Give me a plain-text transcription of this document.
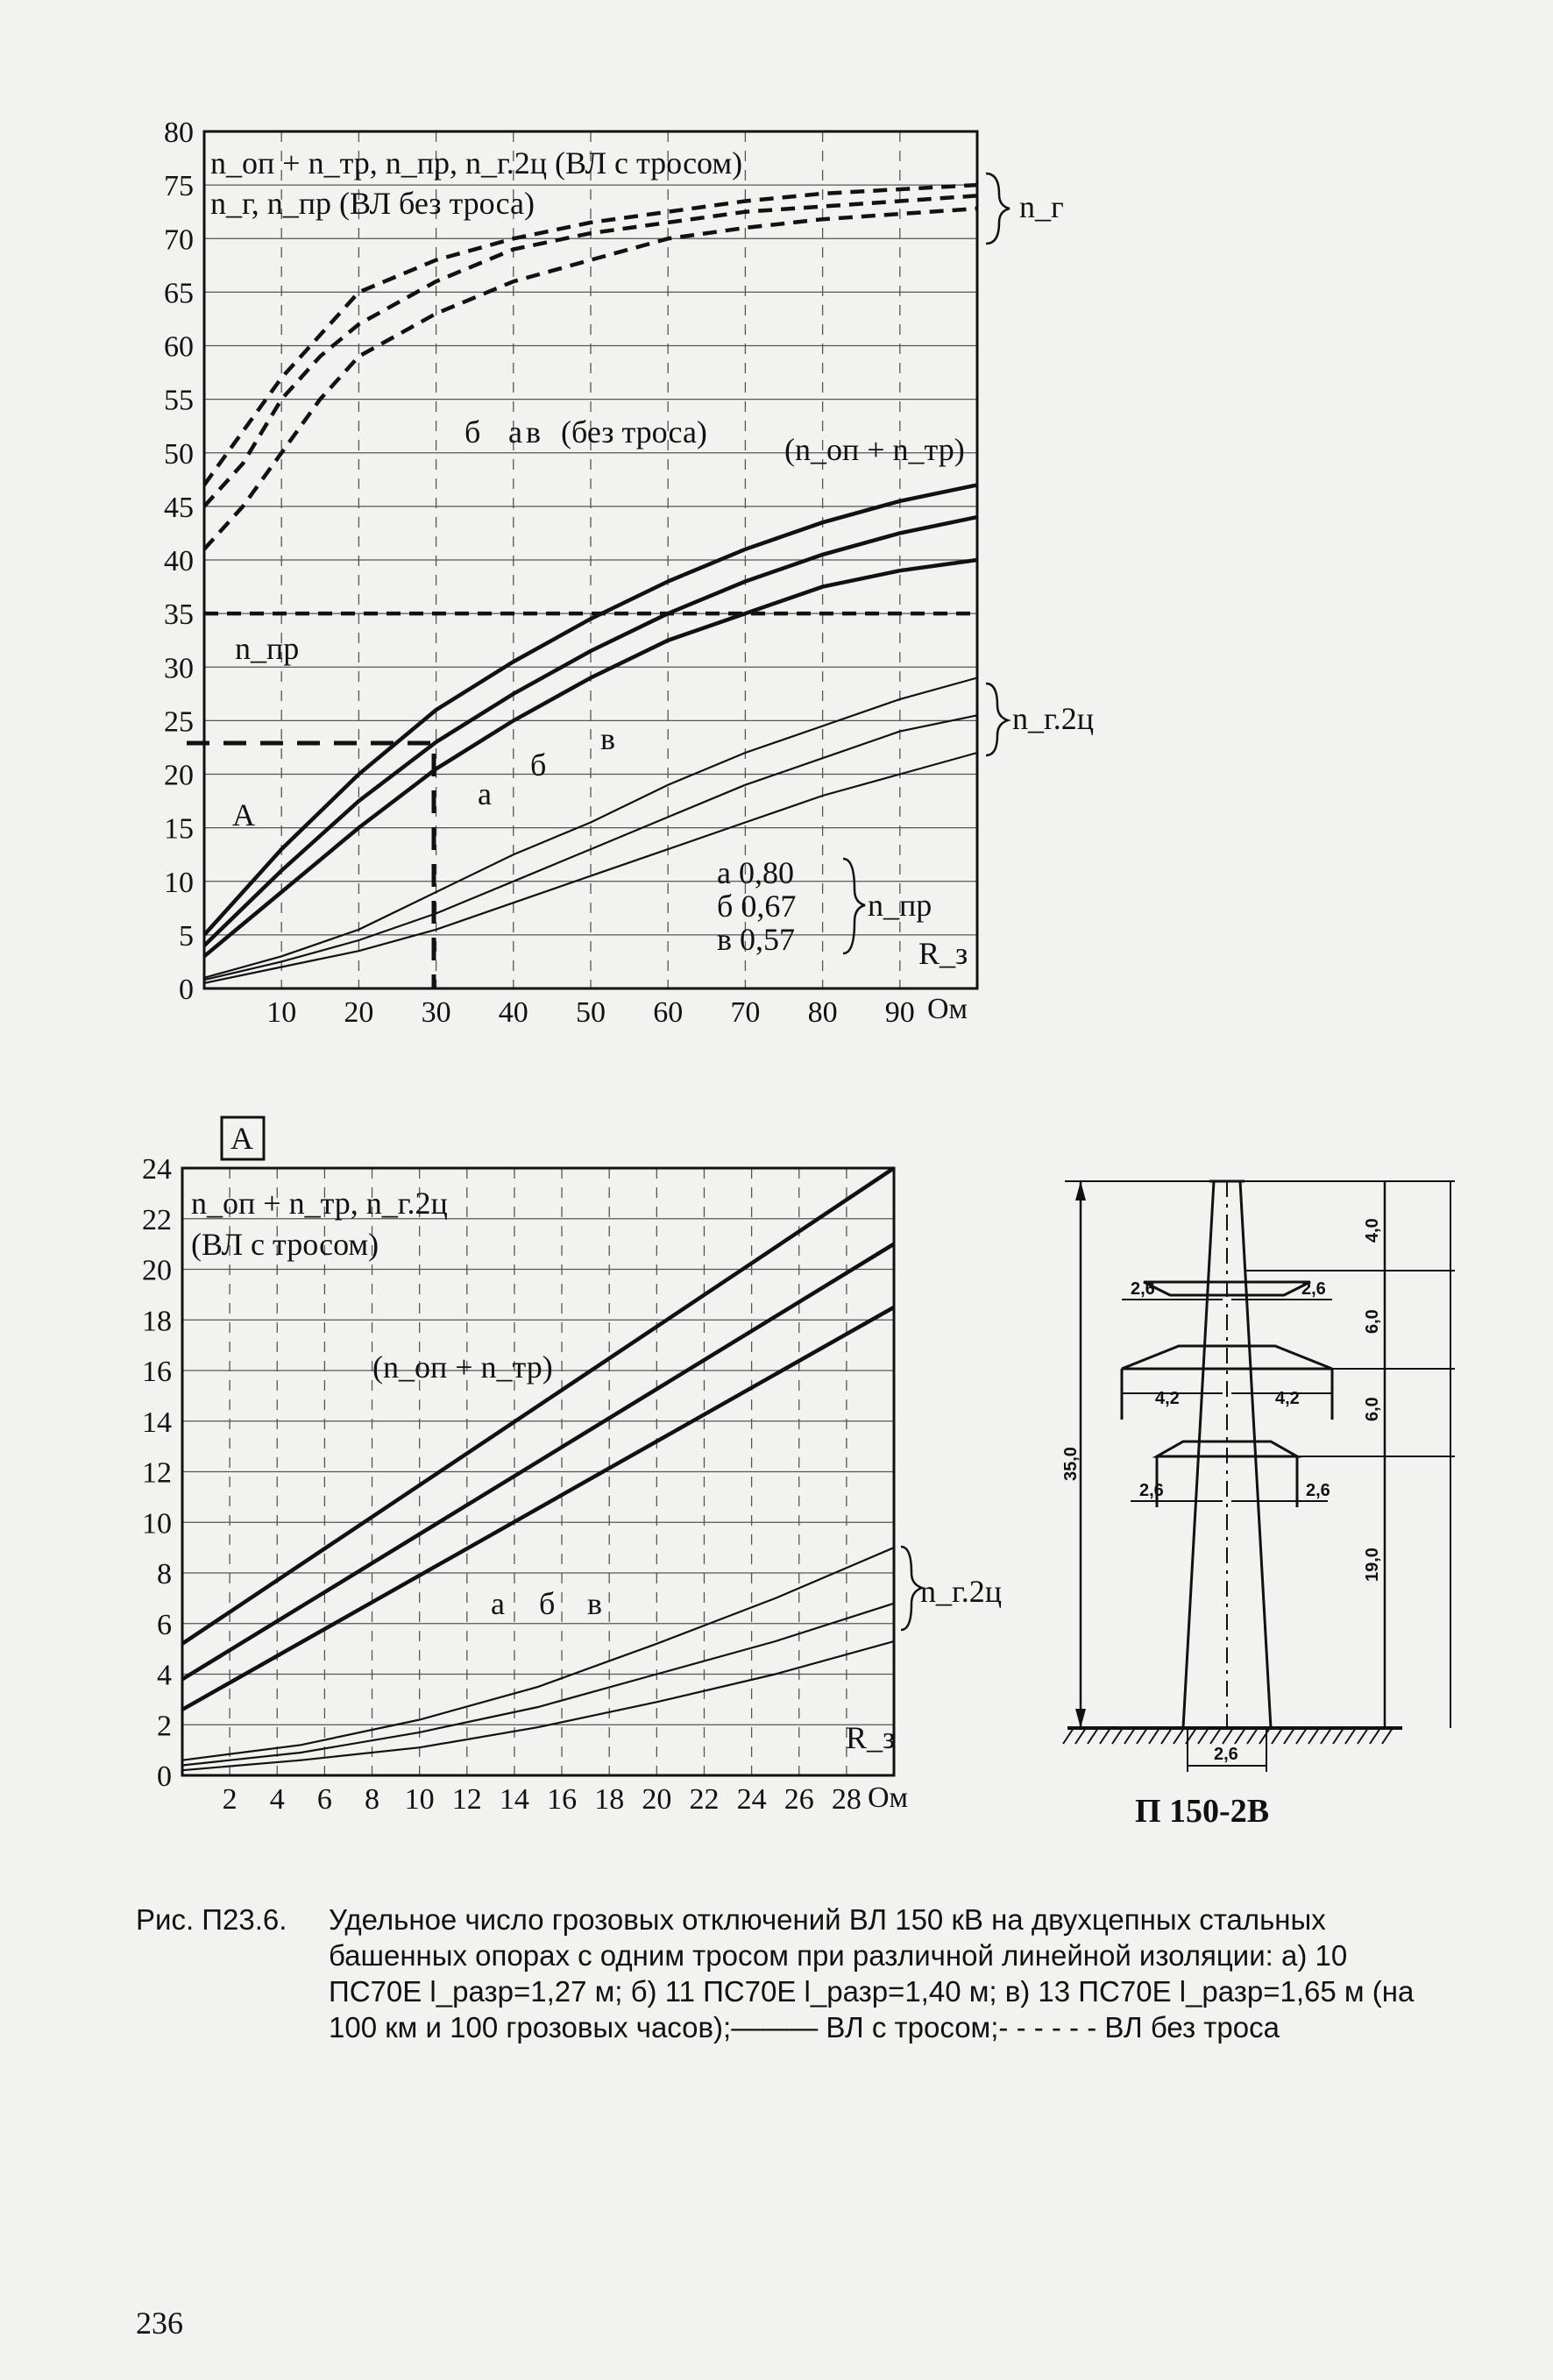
0
5
10
15
20
25
30
35
40
45
50
55
60
65
70
75
80
10 20 30 40 50 60 70 80 90
n_оп + n_тр, n_пр, n_г.2ц (ВЛ с тросом)
n_г, n_пр (ВЛ без троса)	n_г
а
б в (без троса) (n_оп + n_тр)
n_пр
n_г.2ц
а
б
в
A
а 0,80
б 0,67
в 0,57
n_пр
R_з
Ом
A
0
2
4
6
8
10
12
14
16
18
20
22
24
2 4 6 8 10 12 14 16 18 20 22 24 26 28
n_оп + n_тр, n_г.2ц
(ВЛ с тросом)
(n_оп + n_тр)
а б в	n_г.2ц
R_з
Ом
35,0
4,0
6,0
6,0
19,0
2,6	2,6
4,2	4,2
2,6	2,6
2,6
П 150-2В
Рис. П23.6.	Удельное число грозовых отключений ВЛ 150 кВ на двухцепных стальных башенных опорах с одним тросом при различной линейной изоляции: а) 10 ПС70Е l_разр=1,27 м; б) 11 ПС70Е l_разр=1,40 м; в) 13 ПС70Е l_разр=1,65 м (на 100 км и 100 грозовых часов);——— ВЛ с тросом;- - - - - - ВЛ без троса
236
